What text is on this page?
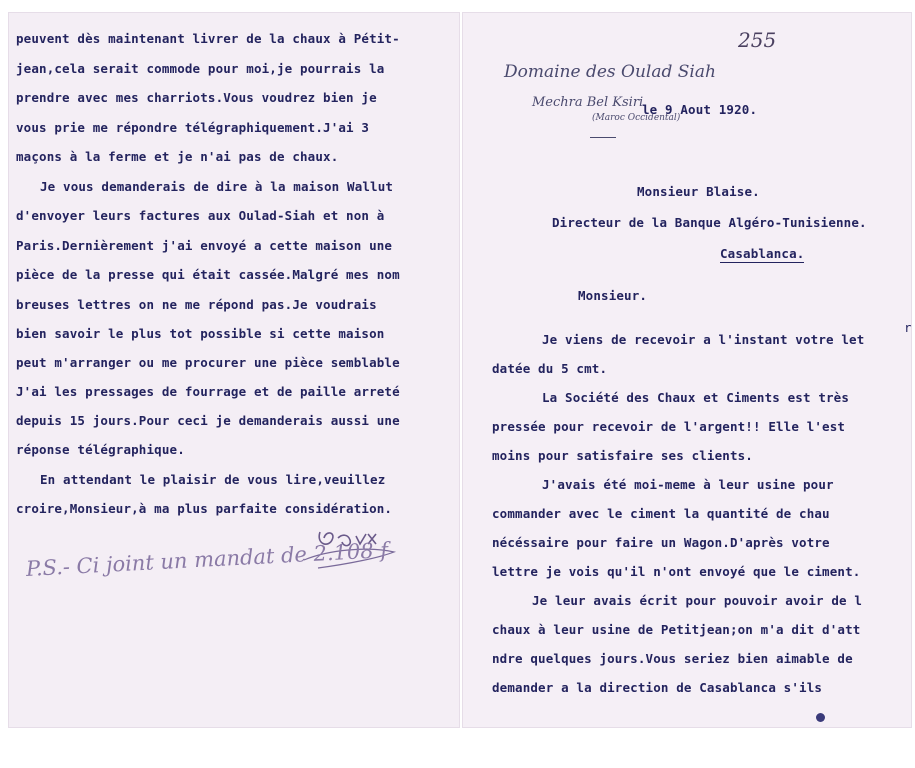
peuvent dès maintenant livrer de la chaux à Pétit-
jean,cela serait commode pour moi,je pourrais la
prendre avec mes charriots.Vous voudrez bien je
vous prie me répondre télégraphiquement.J'ai 3
maçons à la ferme et je n'ai pas de chaux.
Je vous demanderais de dire à la maison Wallut
d'envoyer leurs factures aux Oulad-Siah et non à
Paris.Dernièrement j'ai envoyé a cette maison une
pièce de la presse qui était cassée.Malgré mes nom
breuses lettres on ne me répond pas.Je voudrais
bien savoir le plus tot possible si cette maison
peut m'arranger ou me procurer une pièce semblable
J'ai les pressages de fourrage et de paille arreté
depuis 15 jours.Pour ceci je demanderais aussi une
réponse télégraphique.
En attendant le plaisir de vous lire,veuillez
croire,Monsieur,à ma plus parfaite considération.
P.S.- Ci joint un mandat de 2.108 f
255
Domaine des Oulad Siah
Mechra Bel Ksiri
(Maroc Occidental)
le 9 Aout 1920.
Monsieur Blaise.
Directeur de la Banque Algéro-Tunisienne.
Casablanca.
Monsieur.
r
Je viens de recevoir a l'instant votre let
datée du 5 cmt.
La Société des Chaux et Ciments est très
pressée pour recevoir de l'argent!! Elle l'est
moins pour satisfaire ses clients.
J'avais été moi-meme à leur usine pour
commander avec le ciment la quantité de chau
nécéssaire pour faire un Wagon.D'après votre
lettre je vois qu'il n'ont envoyé que le ciment.
Je leur avais écrit pour pouvoir avoir de l
chaux à leur usine de Petitjean;on m'a dit d'att
ndre quelques jours.Vous seriez bien aimable de
demander a la direction de Casablanca s'ils
